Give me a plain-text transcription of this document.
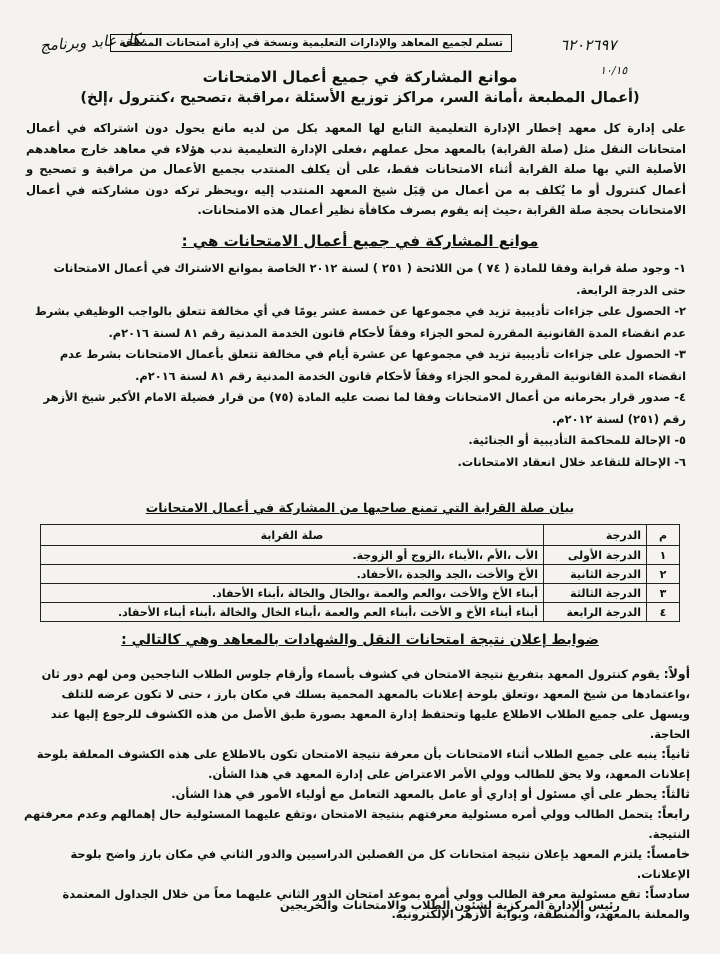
تسلم لجميع المعاهد والإدارات التعليمية ونسخة في إدارة امتحانات المنطقة
بكل عابد وبرنامج	٦٢٠٢٦٩٧
١٠/١٥
موانع المشاركة في جميع أعمال الامتحانات
(أعمال المطبعة ،أمانة السر، مراكز توزيع الأسئلة ،مراقبة ،تصحيح ،كنترول ،إلخ)
على إدارة كل معهد إخطار الإدارة التعليمية التابع لها المعهد بكل من لديه مانع يحول دون اشتراكه في أعمال امتحانات النقل مثل (صلة القرابة) بالمعهد محل عملهم ،فعلى الإدارة التعليمية ندب هؤلاء في معاهد خارج معاهدهم الأصلية التي بها صلة القرابة أثناء الامتحانات فقط، على أن يكلف المنتدب بجميع الأعمال من مراقبة و تصحيح و أعمال كنترول أو ما يُكلف به من أعمال من قِبَل شيخ المعهد المنتدب إليه ،ويحظر تركه دون مشاركته في أعمال الامتحانات بحجة صلة القرابة ،حيث إنه يقوم بصرف مكافأة نظير أعمال هذه الامتحانات.
موانع المشاركة في جميع أعمال الامتحانات هي :
١- وجود صلة قرابة وفقا للمادة ( ٧٤ ) من اللائحة ( ٢٥١ ) لسنة ٢٠١٢ الخاصة بموانع الاشتراك في أعمال الامتحانات حتى الدرجة الرابعة.
٢- الحصول على جزاءات تأديبية تزيد في مجموعها عن خمسة عشر يومًا في أي مخالفة تتعلق بالواجب الوظيفي بشرط عدم انقضاء المدة القانونية المقررة لمحو الجزاء وفقاً لأحكام قانون الخدمة المدنية رقم ٨١ لسنة ٢٠١٦م.
٣- الحصول على جزاءات تأديبية تزيد في مجموعها عن عشرة أيام في مخالفة تتعلق بأعمال الامتحانات بشرط عدم انقضاء المدة القانونية المقررة لمحو الجزاء وفقاً لأحكام قانون الخدمة المدنية رقم ٨١ لسنة ٢٠١٦م.
٤- صدور قرار بحرمانه من أعمال الامتحانات وفقا لما نصت عليه المادة (٧٥) من قرار فضيلة الامام الأكبر شيخ الأزهر رقم (٢٥١) لسنة ٢٠١٢م.
٥- الإحالة للمحاكمة التأديبية أو الجنائية.
٦- الإحالة للتقاعد خلال انعقاد الامتحانات.
بيان صلة القرابة التي تمنع صاحبها من المشاركة في أعمال الامتحانات
م	الدرجة	صلة القرابة
١	الدرجة الأولى	الأب ،الأم ،الأبناء ،الزوج أو الزوجة.
٢	الدرجة الثانية	الأخ والأخت ،الجد والجدة ،الأحفاد.
٣	الدرجة الثالثة	أبناء الأخ والأخت ،والعم والعمة ،والخال والخالة ،أبناء الأحفاد.
٤	الدرجة الرابعة	أبناء أبناء الأخ و الأخت ،أبناء العم والعمة ،أبناء الخال والخالة ،أبناء أبناء الأحفاد.
ضوابط إعلان نتيجة امتحانات النقل والشهادات بالمعاهد وهي كالتالي :

أولاً: يقوم كنترول المعهد بتفريغ نتيجة الامتحان في كشوف بأسماء وأرقام جلوس الطلاب الناجحين ومن لهم دور ثان ،واعتمادها من شيخ المعهد ،وتعلق بلوحة إعلانات بالمعهد المحمية بسلك في مكان بارز ، حتى لا تكون عرضه للتلف ويسهل على جميع الطلاب الاطلاع عليها وتحتفظ إدارة المعهد بصورة طبق الأصل من هذه الكشوف للرجوع إليها عند الحاجة.

ثانياً: ينبه على جميع الطلاب أثناء الامتحانات بأن معرفة نتيجة الامتحان تكون بالاطلاع على هذه الكشوف المعلقة بلوحة إعلانات المعهد، ولا يحق للطالب وولي الأمر الاعتراض على إدارة المعهد في هذا الشأن.

ثالثاً: يحظر على أي مسئول أو إداري أو عامل بالمعهد التعامل مع أولياء الأمور في هذا الشأن.

رابعاً: يتحمل الطالب وولي أمره مسئولية معرفتهم بنتيجة الامتحان ،وتقع عليهما المسئولية حال إهمالهم وعدم معرفتهم النتيجة.

خامساً: يلتزم المعهد بإعلان نتيجة امتحانات كل من الفصلين الدراسيين والدور الثاني في مكان بارز واضح بلوحة الإعلانات.

سادساً: تقع مسئولية معرفة الطالب وولي أمره بموعد امتحان الدور الثاني عليهما معاً من خلال الجداول المعتمدة والمعلنة بالمعهد، والمنطقة، وبوابة الأزهر الإلكترونية.

رئيس الإدارة المركزية لشئون الطلاب والامتحانات والخريجين
